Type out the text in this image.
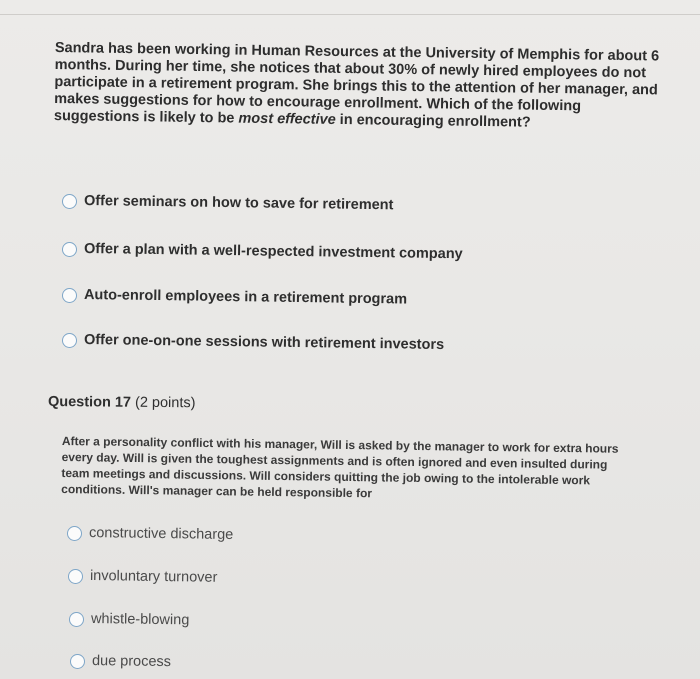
Sandra has been working in Human Resources at the University of Memphis for about 6 months. During her time, she notices that about 30% of newly hired employees do not participate in a retirement program. She brings this to the attention of her manager, and makes suggestions for how to encourage enrollment. Which of the following suggestions is likely to be most effective in encouraging enrollment?
Offer seminars on how to save for retirement
Offer a plan with a well-respected investment company
Auto-enroll employees in a retirement program
Offer one-on-one sessions with retirement investors
Question 17 (2 points)
After a personality conflict with his manager, Will is asked by the manager to work for extra hours every day. Will is given the toughest assignments and is often ignored and even insulted during team meetings and discussions. Will considers quitting the job owing to the intolerable work conditions. Will's manager can be held responsible for
constructive discharge
involuntary turnover
whistle-blowing
due process
